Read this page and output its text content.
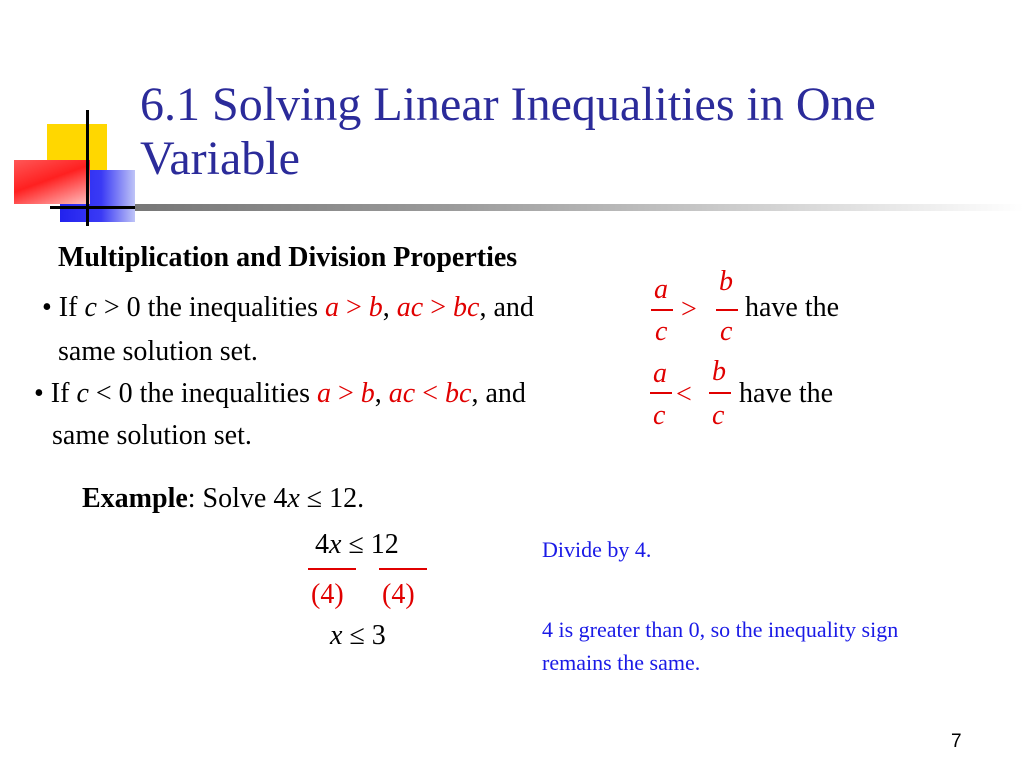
6.1 Solving Linear Inequalities in One Variable
Multiplication and Division Properties
• If c > 0 the inequalities a > b, ac > bc, and
a
c
>
b
c
have the
same solution set.
• If c < 0 the inequalities a > b, ac < bc, and
a
c
<
b
c
have the
same solution set.
Example: Solve 4x ≤ 12.
4x ≤ 12
(4) (4)
x ≤ 3
Divide by 4.
4 is greater than 0, so the inequality sign remains the same.
7
